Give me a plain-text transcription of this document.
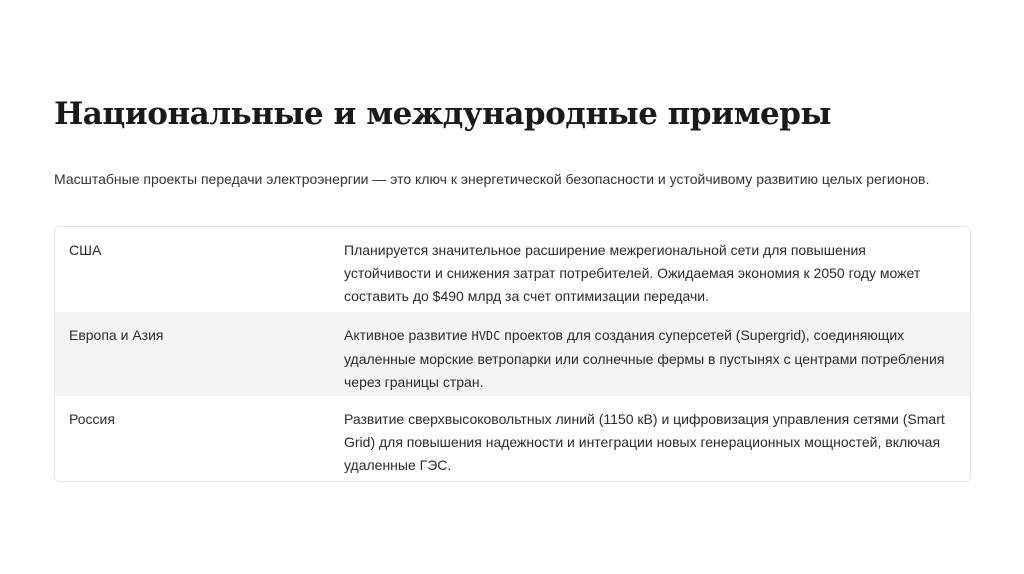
Национальные и международные примеры

Масштабные проекты передачи электроэнергии — это ключ к энергетической безопасности и устойчивому развитию целых регионов.

США	Планируется значительное расширение межрегиональной сети для повышения устойчивости и снижения затрат потребителей. Ожидаемая экономия к 2050 году может составить до $490 млрд за счет оптимизации передачи.
Европа и Азия	Активное развитие HVDC проектов для создания суперсетей (Supergrid), соединяющих удаленные морские ветропарки или солнечные фермы в пустынях с центрами потребления через границы стран.
Россия	Развитие сверхвысоковольтных линий (1150 кВ) и цифровизация управления сетями (Smart Grid) для повышения надежности и интеграции новых генерационных мощностей, включая удаленные ГЭС.
